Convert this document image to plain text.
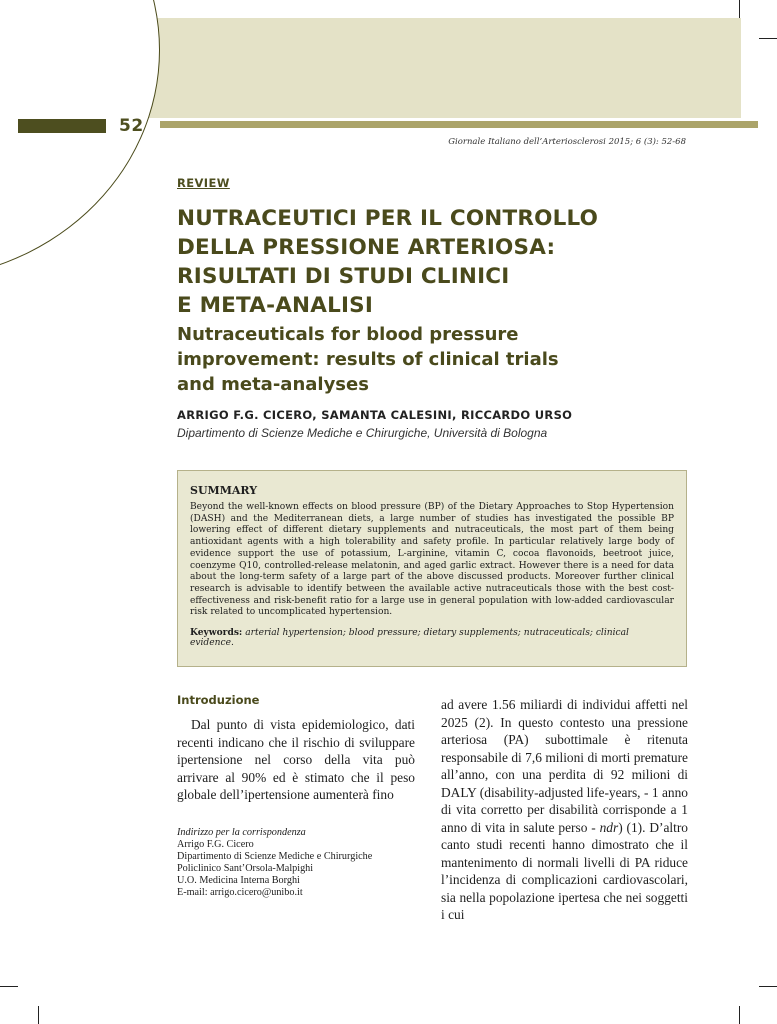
52
Giornale Italiano dell’Arteriosclerosi 2015; 6 (3): 52-68
REVIEW
NUTRACEUTICI PER IL CONTROLLO
DELLA PRESSIONE ARTERIOSA:
RISULTATI DI STUDI CLINICI
E META-ANALISI
Nutraceuticals for blood pressure
improvement: results of clinical trials
and meta-analyses
ARRIGO F.G. CICERO, SAMANTA CALESINI, RICCARDO URSO
Dipartimento di Scienze Mediche e Chirurgiche, Università di Bologna

SUMMARY

Beyond the well-known effects on blood pressure (BP) of the Dietary Approaches to Stop Hypertension (DASH) and the Mediterranean diets, a large number of studies has investigated the possible BP lowering effect of different dietary supplements and nutraceuticals, the most part of them being antioxidant agents with a high tolerability and safety profile. In particular relatively large body of evidence support the use of potassium, L-arginine, vitamin C, cocoa flavonoids, beetroot juice, coenzyme Q10, controlled-release melatonin, and aged garlic extract. However there is a need for data about the long-term safety of a large part of the above discussed products. Moreover further clinical research is advisable to identify between the available active nutraceuticals those with the best cost-effectiveness and risk-benefit ratio for a large use in general population with low-added cardiovascular risk related to uncomplicated hypertension.

Keywords: arterial hypertension; blood pressure; dietary supplements; nutraceuticals; clinical evidence.

Introduzione

Dal punto di vista epidemiologico, dati recenti indicano che il rischio di sviluppare ipertensione nel corso della vita può arrivare al 90% ed è stimato che il peso globale dell’ipertensione aumenterà fino

ad avere 1.56 miliardi di individui affetti nel 2025 (2). In questo contesto una pressione arteriosa (PA) subottimale è ritenuta responsabile di 7,6 milioni di morti premature all’anno, con una perdita di 92 milioni di DALY (disability-adjusted life-years, - 1 anno di vita corretto per disabilità corrisponde a 1 anno di vita in salute perso - ndr) (1). D’altro canto studi recenti hanno dimostrato che il mantenimento di normali livelli di PA riduce l’incidenza di complicazioni cardiovascolari, sia nella popolazione ipertesa che nei soggetti i cui

Indirizzo per la corrispondenza
Arrigo F.G. Cicero
Dipartimento di Scienze Mediche e Chirurgiche
Policlinico Sant’Orsola-Malpighi
U.O. Medicina Interna Borghi
E-mail: arrigo.cicero@unibo.it
